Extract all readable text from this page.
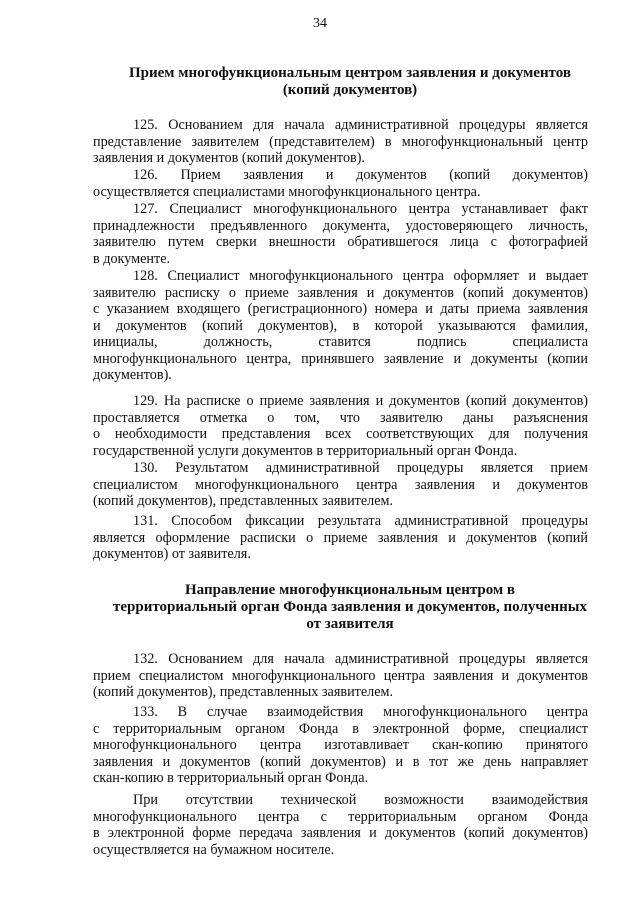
34
Прием многофункциональным центром заявления и документов
(копий документов)
125. Основанием для начала административной процедуры является
представление заявителем (представителем) в многофункциональный центр
заявления и документов (копий документов).
126. Прием заявления и документов (копий документов)
осуществляется специалистами многофункционального центра.
127. Специалист многофункционального центра устанавливает факт
принадлежности предъявленного документа, удостоверяющего личность,
заявителю путем сверки внешности обратившегося лица с фотографией
в документе.
128. Специалист многофункционального центра оформляет и выдает
заявителю расписку о приеме заявления и документов (копий документов)
с указанием входящего (регистрационного) номера и даты приема заявления
и документов (копий документов), в которой указываются фамилия,
инициалы, должность, ставится подпись специалиста
многофункционального центра, принявшего заявление и документы (копии
документов).
129. На расписке о приеме заявления и документов (копий документов)
проставляется отметка о том, что заявителю даны разъяснения
о необходимости представления всех соответствующих для получения
государственной услуги документов в территориальный орган Фонда.
130. Результатом административной процедуры является прием
специалистом многофункционального центра заявления и документов
(копий документов), представленных заявителем.
131. Способом фиксации результата административной процедуры
является оформление расписки о приеме заявления и документов (копий
документов) от заявителя.
Направление многофункциональным центром в
территориальный орган Фонда заявления и документов, полученных
от заявителя
132. Основанием для начала административной процедуры является
прием специалистом многофункционального центра заявления и документов
(копий документов), представленных заявителем.
133. В случае взаимодействия многофункционального центра
с территориальным органом Фонда в электронной форме, специалист
многофункционального центра изготавливает скан-копию принятого
заявления и документов (копий документов) и в тот же день направляет
скан-копию в территориальный орган Фонда.
При отсутствии технической возможности взаимодействия
многофункционального центра с территориальным органом Фонда
в электронной форме передача заявления и документов (копий документов)
осуществляется на бумажном носителе.
